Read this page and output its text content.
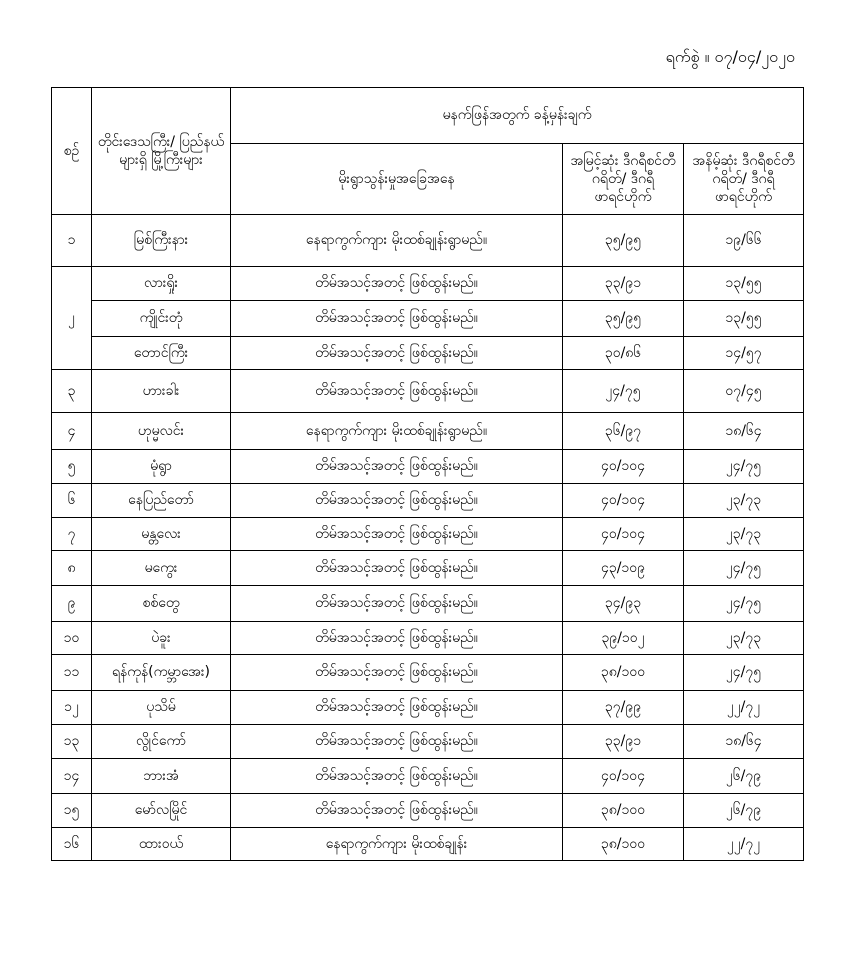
ရက်စွဲ ။ ၀၇/၀၄/၂၀၂၀
စဉ်	တိုင်းဒေသကြီး/ ပြည်နယ်များရှိ မြို့ကြီးများ	မနက်ဖြန်အတွက် ခန့်မှန်းချက်		
		မိုးရွာသွန်းမှုအခြေအနေ	အမြင့်ဆုံး ဒီဂရီစင်တီဂရိတ်/ ဒီဂရီဖာရင်ဟိုက်	အနိမ့်ဆုံး ဒီဂရီစင်တီဂရိတ်/ ဒီဂရီဖာရင်ဟိုက်
၁	မြစ်ကြီးနား	နေရာကွက်ကျား မိုးထစ်ချုန်းရွာမည်။	၃၅/၉၅	၁၉/၆၆
၂	လားရှိုး	တိမ်အသင့်အတင့် ဖြစ်ထွန်းမည်။	၃၃/၉၁	၁၃/၅၅
	ကျိုင်းတုံ	တိမ်အသင့်အတင့် ဖြစ်ထွန်းမည်။	၃၅/၉၅	၁၃/၅၅
	တောင်ကြီး	တိမ်အသင့်အတင့် ဖြစ်ထွန်းမည်။	၃၀/၈၆	၁၄/၅၇
၃	ဟားခါး	တိမ်အသင့်အတင့် ဖြစ်ထွန်းမည်။	၂၄/၇၅	၀၇/၄၅
၄	ဟုမ္မလင်း	နေရာကွက်ကျား မိုးထစ်ချုန်းရွာမည်။	၃၆/၉၇	၁၈/၆၄
၅	မုံရွာ	တိမ်အသင့်အတင့် ဖြစ်ထွန်းမည်။	၄၀/၁၀၄	၂၄/၇၅
၆	နေပြည်တော်	တိမ်အသင့်အတင့် ဖြစ်ထွန်းမည်။	၄၀/၁၀၄	၂၃/၇၃
၇	မန္တလေး	တိမ်အသင့်အတင့် ဖြစ်ထွန်းမည်။	၄၀/၁၀၄	၂၃/၇၃
၈	မကွေး	တိမ်အသင့်အတင့် ဖြစ်ထွန်းမည်။	၄၃/၁၀၉	၂၄/၇၅
၉	စစ်တွေ	တိမ်အသင့်အတင့် ဖြစ်ထွန်းမည်။	၃၄/၉၃	၂၄/၇၅
၁၀	ပဲခူး	တိမ်အသင့်အတင့် ဖြစ်ထွန်းမည်။	၃၉/၁၀၂	၂၃/၇၃
၁၁	ရန်ကုန်(ကမ္ဘာအေး)	တိမ်အသင့်အတင့် ဖြစ်ထွန်းမည်။	၃၈/၁၀၀	၂၄/၇၅
၁၂	ပုသိမ်	တိမ်အသင့်အတင့် ဖြစ်ထွန်းမည်။	၃၇/၉၉	၂၂/၇၂
၁၃	လွိုင်ကော်	တိမ်အသင့်အတင့် ဖြစ်ထွန်းမည်။	၃၃/၉၁	၁၈/၆၄
၁၄	ဘားအံ	တိမ်အသင့်အတင့် ဖြစ်ထွန်းမည်။	၄၀/၁၀၄	၂၆/၇၉
၁၅	မော်လမြိုင်	တိမ်အသင့်အတင့် ဖြစ်ထွန်းမည်။	၃၈/၁၀၀	၂၆/၇၉
၁၆	ထားဝယ်	နေရာကွက်ကျား မိုးထစ်ချုန်း	၃၈/၁၀၀	၂၂/၇၂
